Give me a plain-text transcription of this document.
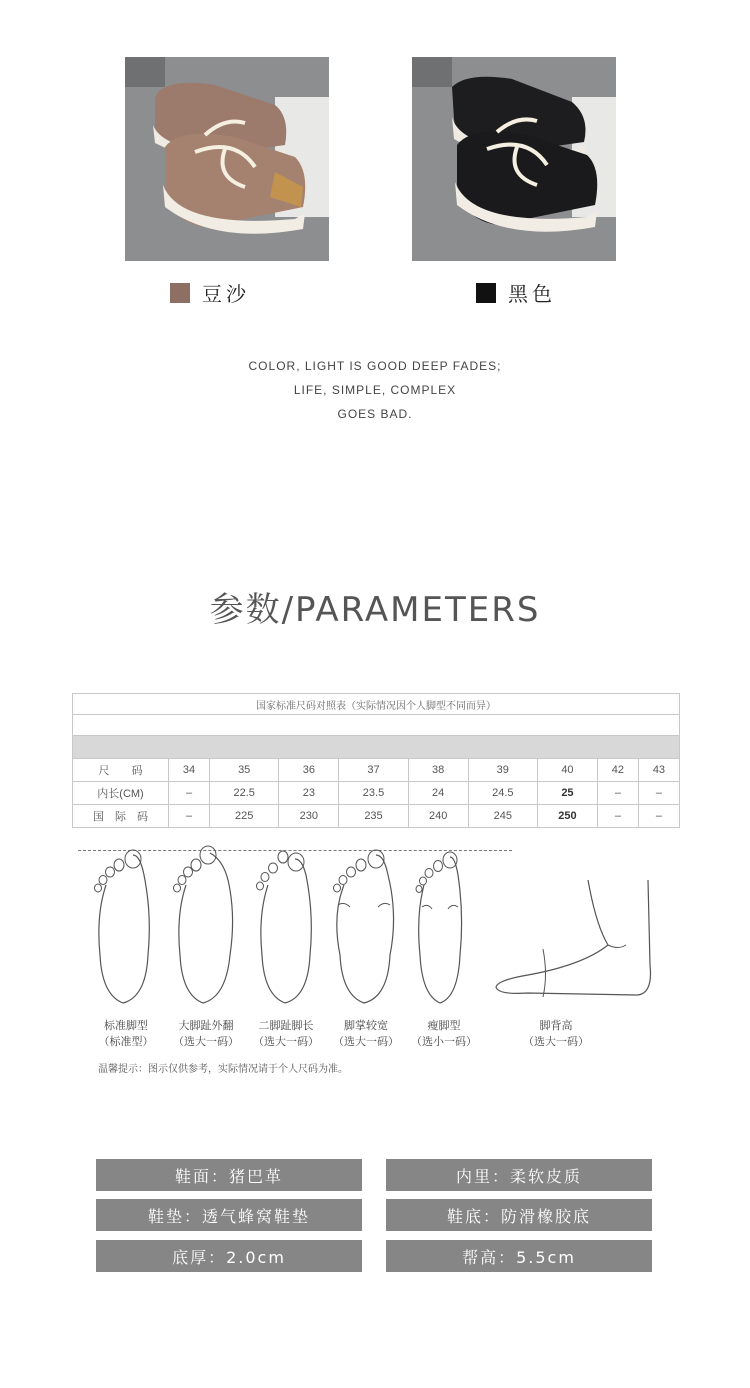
豆沙	黑色
COLOR, LIGHT IS GOOD DEEP FADES;
LIFE, SIMPLE, COMPLEX
GOES BAD.
参数/PARAMETERS
国家标准尺码对照表（实际情况因个人脚型不同而异）									

尺　　码	34	35	36	37	38	39	40	42	43
内长(CM)	–	22.5	23	23.5	24	24.5	25	–	–
国　际　码	–	225	230	235	240	245	250	–	–
标准脚型
（标准型）
大脚趾外翻
（选大一码）
二脚趾脚长
（选大一码）
脚掌较宽
（选大一码）
瘦脚型
（选小一码）
脚背高
（选大一码）
温馨提示：图示仅供参考，实际情况请于个人尺码为准。
鞋面：猪巴革	内里：柔软皮质
鞋垫：透气蜂窝鞋垫	鞋底：防滑橡胶底
底厚：2.0cm	帮高：5.5cm
